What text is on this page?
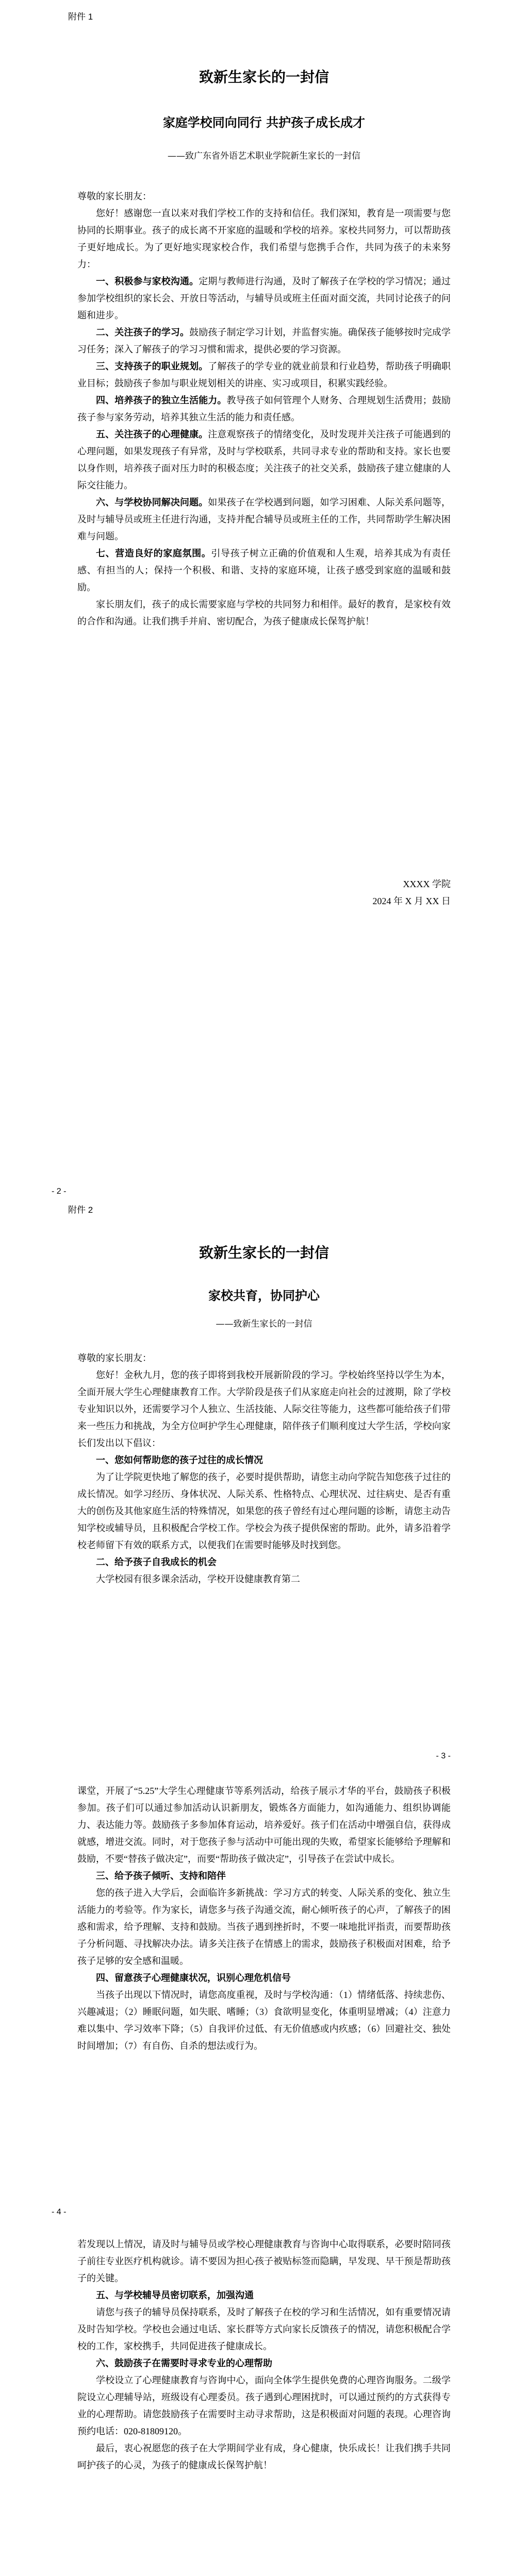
附件 1
致新生家长的一封信
家庭学校同向同行 共护孩子成长成才
——致广东省外语艺术职业学院新生家长的一封信

尊敬的家长朋友：

您好！感谢您一直以来对我们学校工作的支持和信任。我们深知，教育是一项需要与您协同的长期事业。孩子的成长离不开家庭的温暖和学校的培养。家校共同努力，可以帮助孩子更好地成长。为了更好地实现家校合作，我们希望与您携手合作，共同为孩子的未来努力：

一、积极参与家校沟通。定期与教师进行沟通，及时了解孩子在学校的学习情况；通过参加学校组织的家长会、开放日等活动，与辅导员或班主任面对面交流，共同讨论孩子的问题和进步。

二、关注孩子的学习。鼓励孩子制定学习计划，并监督实施。确保孩子能够按时完成学习任务；深入了解孩子的学习习惯和需求，提供必要的学习资源。

三、支持孩子的职业规划。了解孩子的学专业的就业前景和行业趋势，帮助孩子明确职业目标；鼓励孩子参加与职业规划相关的讲座、实习或项目，积累实践经验。

四、培养孩子的独立生活能力。教导孩子如何管理个人财务、合理规划生活费用；鼓励孩子参与家务劳动，培养其独立生活的能力和责任感。

五、关注孩子的心理健康。注意观察孩子的情绪变化，及时发现并关注孩子可能遇到的心理问题，如果发现孩子有异常，及时与学校联系，共同寻求专业的帮助和支持。家长也要以身作则，培养孩子面对压力时的积极态度；关注孩子的社交关系，鼓励孩子建立健康的人际交往能力。

六、与学校协同解决问题。如果孩子在学校遇到问题，如学习困难、人际关系问题等，及时与辅导员或班主任进行沟通，支持并配合辅导员或班主任的工作，共同帮助学生解决困难与问题。

七、营造良好的家庭氛围。引导孩子树立正确的价值观和人生观，培养其成为有责任感、有担当的人；保持一个积极、和谐、支持的家庭环境，让孩子感受到家庭的温暖和鼓励。

家长朋友们，孩子的成长需要家庭与学校的共同努力和相伴。最好的教育，是家校有效的合作和沟通。让我们携手并肩、密切配合，为孩子健康成长保驾护航！

XXXX 学院
2024 年 X 月 XX 日
- 2 -
附件 2
致新生家长的一封信
家校共育，协同护心
——致新生家长的一封信

尊敬的家长朋友：

您好！金秋九月，您的孩子即将到我校开展新阶段的学习。学校始终坚持以学生为本，全面开展大学生心理健康教育工作。大学阶段是孩子们从家庭走向社会的过渡期，除了学校专业知识以外，还需要学习个人独立、生活技能、人际交往等能力，这些都可能给孩子们带来一些压力和挑战，为全方位呵护学生心理健康，陪伴孩子们顺利度过大学生活，学校向家长们发出以下倡议：

一、您如何帮助您的孩子过往的成长情况

为了让学院更快地了解您的孩子，必要时提供帮助，请您主动向学院告知您孩子过往的成长情况。如学习经历、身体状况、人际关系、性格特点、心理状况、过往病史、是否有重大的创伤及其他家庭生活的特殊情况，如果您的孩子曾经有过心理问题的诊断，请您主动告知学校或辅导员，且积极配合学校工作。学校会为孩子提供保密的帮助。此外，请多沿着学校老师留下有效的联系方式，以便我们在需要时能够及时找到您。

二、给予孩子自我成长的机会

大学校园有很多课余活动，学校开设健康教育第二

- 3 -

课堂，开展了“5.25”大学生心理健康节等系列活动，给孩子展示才华的平台，鼓励孩子积极参加。孩子们可以通过参加活动认识新朋友，锻炼各方面能力，如沟通能力、组织协调能力、表达能力等。鼓励孩子多参加体育运动，培养爱好。孩子们在活动中增强自信，获得成就感，增进交流。同时，对于您孩子参与活动中可能出现的失败，希望家长能够给予理解和鼓励，不要“替孩子做决定”，而要“帮助孩子做决定”，引导孩子在尝试中成长。

三、给予孩子倾听、支持和陪伴

您的孩子进入大学后，会面临许多新挑战：学习方式的转变、人际关系的变化、独立生活能力的考验等。作为家长，请您多与孩子沟通交流，耐心倾听孩子的心声，了解孩子的困惑和需求，给予理解、支持和鼓励。当孩子遇到挫折时，不要一味地批评指责，而要帮助孩子分析问题、寻找解决办法。请多关注孩子在情感上的需求，鼓励孩子积极面对困难，给予孩子足够的安全感和温暖。

四、留意孩子心理健康状况，识别心理危机信号

当孩子出现以下情况时，请您高度重视，及时与学校沟通：（1）情绪低落、持续悲伤、兴趣减退；（2）睡眠问题，如失眠、嗜睡；（3）食欲明显变化，体重明显增减；（4）注意力难以集中、学习效率下降；（5）自我评价过低、有无价值感或内疚感；（6）回避社交、独处时间增加；（7）有自伤、自杀的想法或行为。

- 4 -

若发现以上情况，请及时与辅导员或学校心理健康教育与咨询中心取得联系，必要时陪同孩子前往专业医疗机构就诊。请不要因为担心孩子被贴标签而隐瞒，早发现、早干预是帮助孩子的关键。

五、与学校辅导员密切联系，加强沟通

请您与孩子的辅导员保持联系，及时了解孩子在校的学习和生活情况，如有重要情况请及时告知学校。学校也会通过电话、家长群等方式向家长反馈孩子的情况，请您积极配合学校的工作，家校携手，共同促进孩子健康成长。

六、鼓励孩子在需要时寻求专业的心理帮助

学校设立了心理健康教育与咨询中心，面向全体学生提供免费的心理咨询服务。二级学院设立心理辅导站，班级设有心理委员。孩子遇到心理困扰时，可以通过预约的方式获得专业的心理帮助。请您鼓励孩子在需要时主动寻求帮助，这是积极面对问题的表现。心理咨询预约电话：020-81809120。

最后，衷心祝愿您的孩子在大学期间学业有成，身心健康，快乐成长！让我们携手共同呵护孩子的心灵，为孩子的健康成长保驾护航！
